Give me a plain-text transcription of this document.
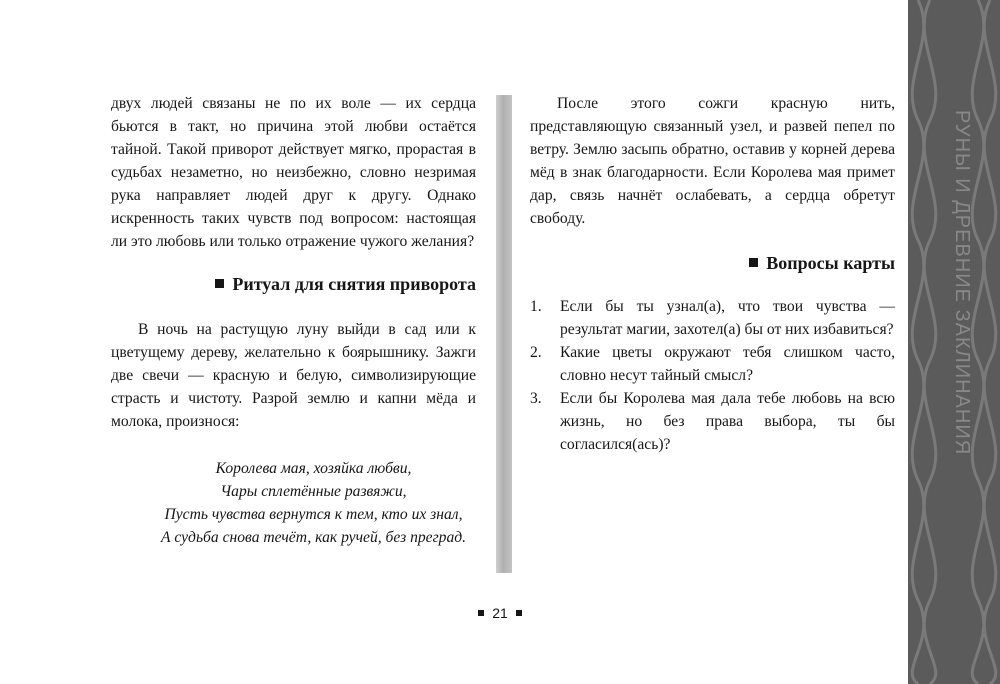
двух людей связаны не по их воле — их сердца бьются в такт, но причина этой любви остаётся тайной. Такой приворот действует мягко, прорастая в судьбах незаметно, но неизбежно, словно незримая рука направляет людей друг к другу. Однако искренность таких чувств под вопросом: настоящая ли это любовь или только отражение чужого желания?

Ритуал для снятия приворота

В ночь на растущую луну выйди в сад или к цветущему дереву, желательно к боярышнику. Зажги две свечи — красную и белую, символизирующие страсть и чистоту. Разрой землю и капни мёда и молока, произнося:

Королева мая, хозяйка любви,
Чары сплетённые развяжи,
Пусть чувства вернутся к тем, кто их знал,
А судьба снова течёт, как ручей, без преград.

После этого сожги красную нить, представляющую связанный узел, и развей пепел по ветру. Землю засыпь обратно, оставив у корней дерева мёд в знак благодарности. Если Королева мая примет дар, связь начнёт ослабевать, а сердца обретут свободу.

Вопросы карты

1. Если бы ты узнал(а), что твои чувства — результат магии, захотел(а) бы от них избавиться?
2. Какие цветы окружают тебя слишком часто, словно несут тайный смысл?
3. Если бы Королева мая дала тебе любовь на всю жизнь, но без права выбора, ты бы согласился(ась)?	РУНЫ И ДРЕВНИЕ ЗАКЛИНАНИЯ
21
